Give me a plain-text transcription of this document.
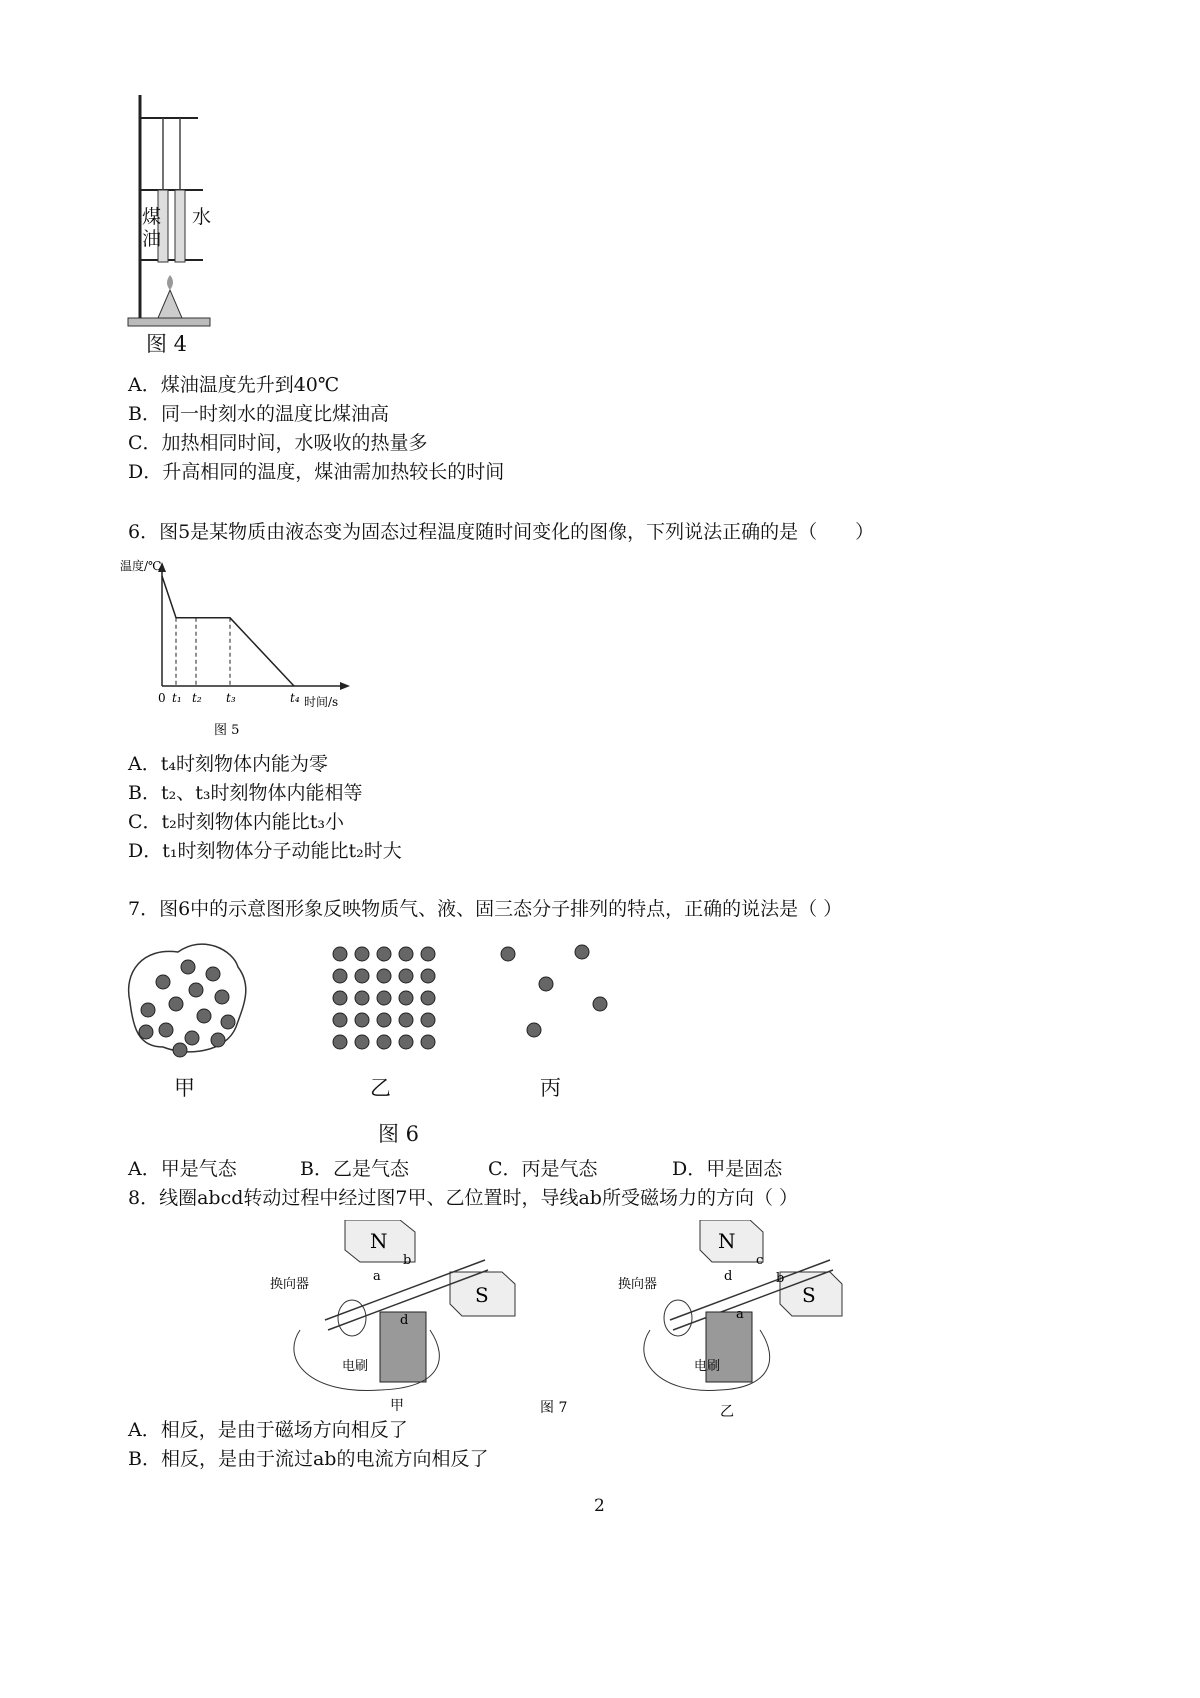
煤
油
水
图 4
A．煤油温度先升到40℃
B．同一时刻水的温度比煤油高
C．加热相同时间，水吸收的热量多
D．升高相同的温度，煤油需加热较长的时间
6．图5是某物质由液态变为固态过程温度随时间变化的图像，下列说法正确的是（　　）
温度/℃
时间/s
0 t₁ t₂ t₃	t₄
图 5
A．t₄时刻物体内能为零
B．t₂、t₃时刻物体内能相等
C．t₂时刻物体内能比t₃小
D．t₁时刻物体分子动能比t₂时大
7．图6中的示意图形象反映物质气、液、固三态分子排列的特点，正确的说法是（ ）
甲	乙	丙
图 6
A．甲是气态	B．乙是气态	C．丙是气态	D．甲是固态
8．线圈abcd转动过程中经过图7甲、乙位置时，导线ab所受磁场力的方向（ ）
N
S
b
a
d
换向器
电刷
甲
N
S
c
d	b
a
换向器
电刷
乙
图 7
A．相反，是由于磁场方向相反了
B．相反，是由于流过ab的电流方向相反了
2
